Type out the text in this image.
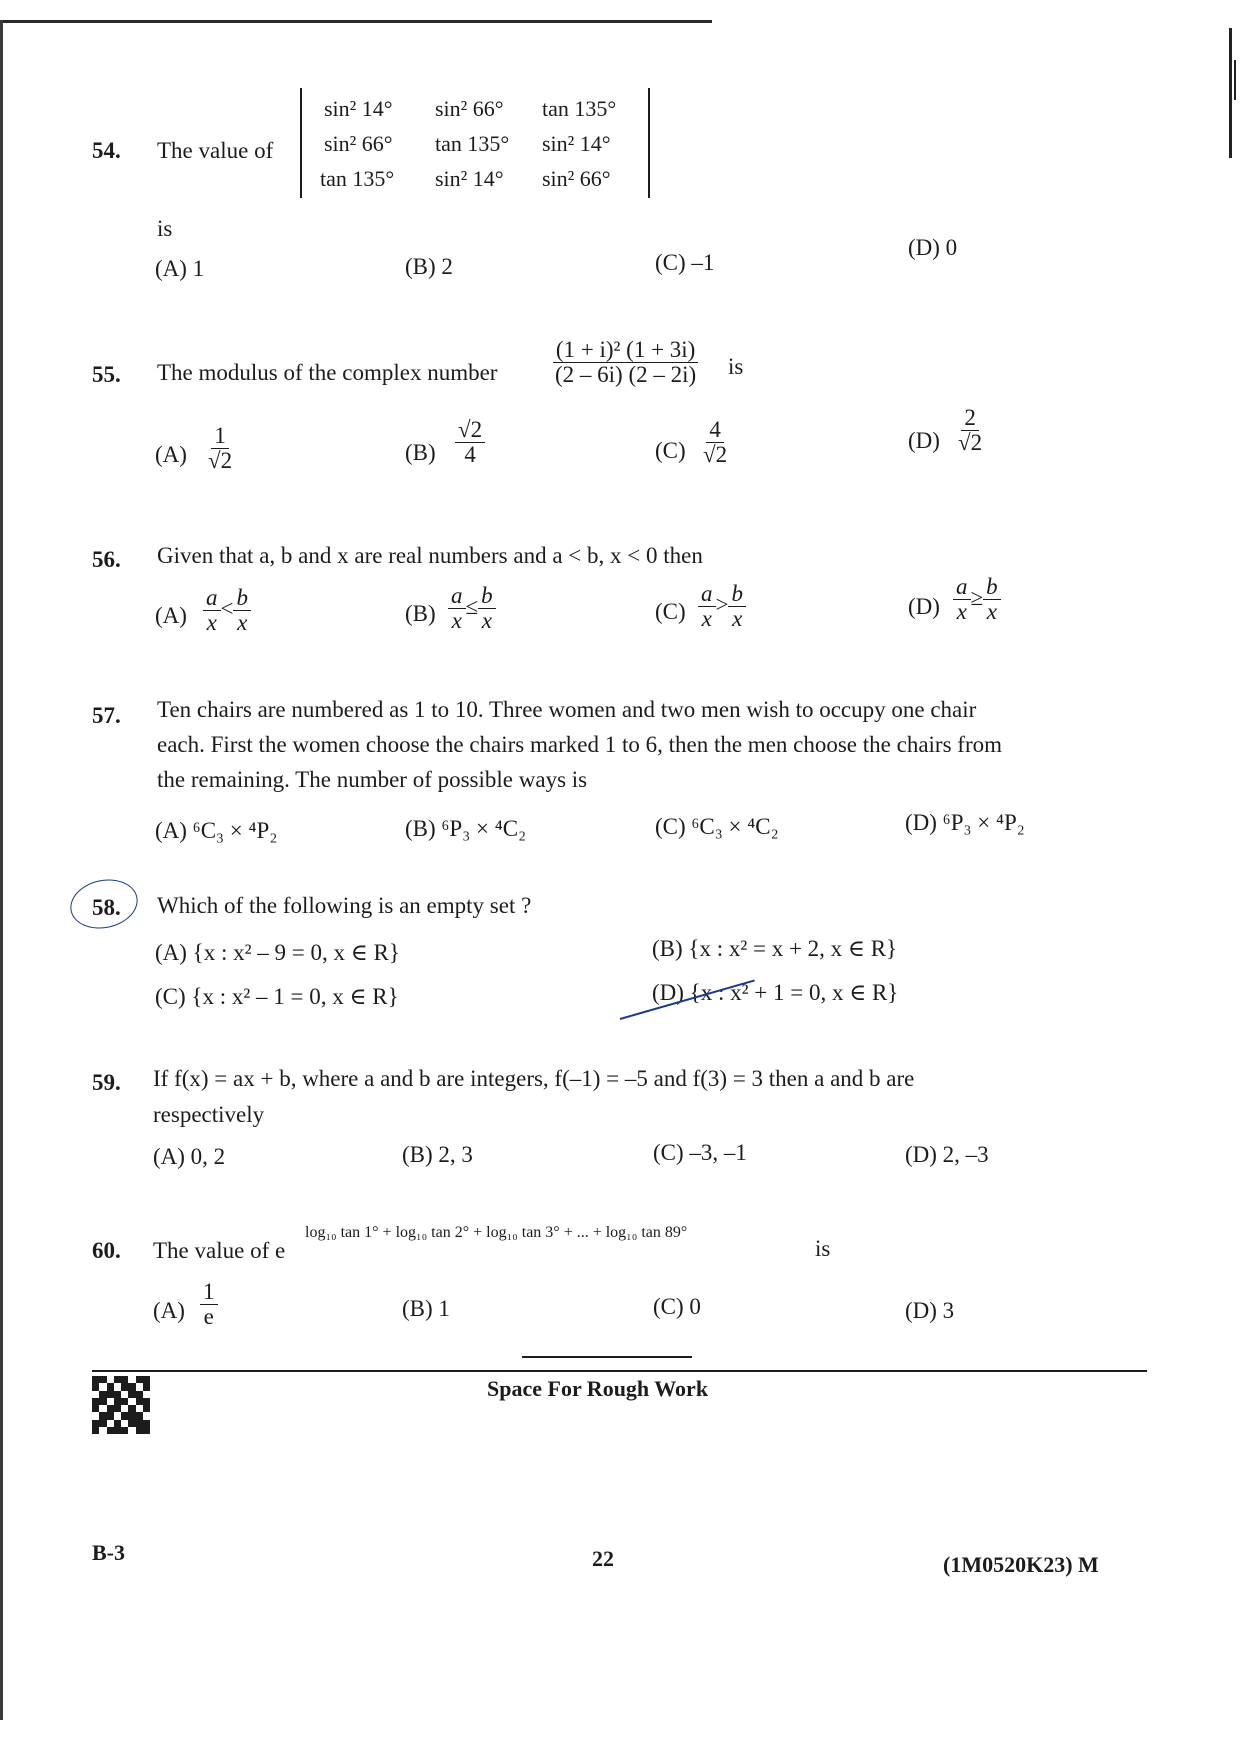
54. The value of
sin² 14° sin² 66° tan 135°
sin² 66° tan 135° sin² 14°
tan 135° sin² 14° sin² 66°
is
(A) 1	(B) 2	(C) –1
(D) 0
55. The modulus of the complex number $\frac{\text{(1 + i)² (1 + 3i)}}{(2 - 6i) (2 - 2i)}$ is
$(A) \frac{1}{√2}$	$(B) \frac{√2}{4}$	$(C) \frac{4}{√2}$	$(D) \frac{2}{√2}$
56. Given that a, b and x are real numbers and a < b, x < 0 then
$(A) \frac{a}{x} < \frac{b}{x}$	$(B) \frac{a}{x} \le \frac{b}{x}$	$(C) \frac{a}{x} > \frac{b}{x}$	$(D) \frac{a}{x} \ge \frac{b}{x}$
57. Ten chairs are numbered as 1 to 10. Three women and two men wish to occupy one chair
each. First the women choose the chairs marked 1 to 6, then the men choose the chairs from
the remaining. The number of possible ways is
(A) ⁶C₃ × ⁴P₂	(B) ⁶P₃ × ⁴C₂	(C) ⁶C₃ × ⁴C₂	(D) ⁶P₃ × ⁴P₂
58. Which of the following is an empty set ?
(A) {x : x² – 9 = 0, x ∈ R}	(B) {x : x² = x + 2, x ∈ R}
(C) {x : x² – 1 = 0, x ∈ R}	(D) {x : x² + 1 = 0, x ∈ R}
59. If f(x) = ax + b, where a and b are integers, f(–1) = –5 and f(3) = 3 then a and b are
respectively
(A) 0, 2	(B) 2, 3	(C) –3, –1	(D) 2, –3
60. The value of e
log₁₀ tan 1° + log₁₀ tan 2° + log₁₀ tan 3° + ... + log₁₀ tan 89°
is
$(A) \frac{1}{e}$	(B) 1	(C) 0	(D) 3
Space For Rough Work
B-3	22	(1M0520K23) M
